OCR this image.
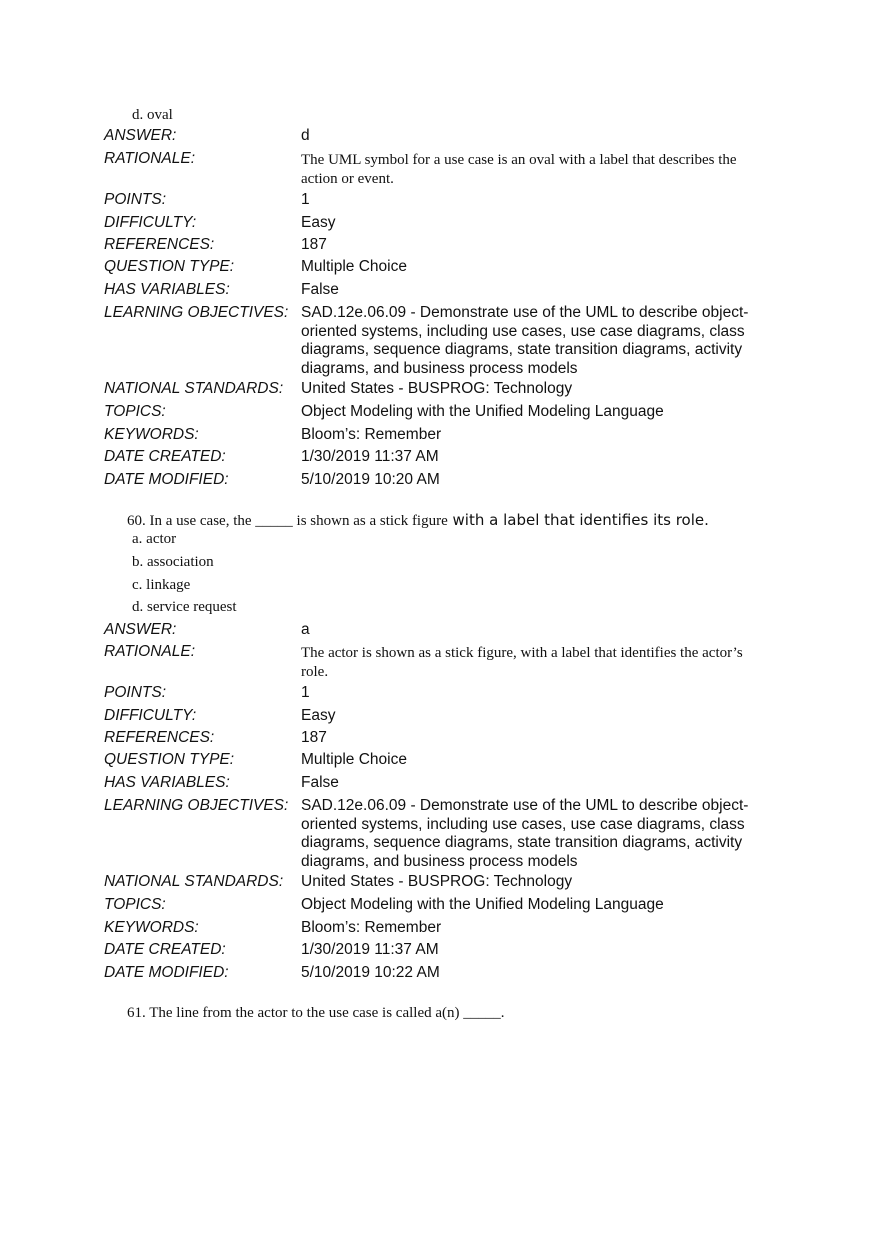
d. oval
ANSWER:	d
RATIONALE:	The UML symbol for a use case is an oval with a label that describes the action or event.
POINTS:	1
DIFFICULTY:	Easy
REFERENCES:	187
QUESTION TYPE:	Multiple Choice
HAS VARIABLES:	False
LEARNING OBJECTIVES: SAD.12e.06.09 - Demonstrate use of the UML to describe object-oriented systems, including use cases, use case diagrams, class diagrams, sequence diagrams, state transition diagrams, activity diagrams, and business process models
NATIONAL STANDARDS: United States - BUSPROG: Technology
TOPICS:	Object Modeling with the Unified Modeling Language
KEYWORDS:	Bloom’s: Remember
DATE CREATED:	1/30/2019 11:37 AM
DATE MODIFIED:	5/10/2019 10:20 AM
60. In a use case, the _____ is shown as a stick figure with a label that identifies its role.
a. actor
b. association
c. linkage
d. service request
ANSWER:	a
RATIONALE:	The actor is shown as a stick figure, with a label that identifies the actor’s role.
POINTS:	1
DIFFICULTY:	Easy
REFERENCES:	187
QUESTION TYPE:	Multiple Choice
HAS VARIABLES:	False
LEARNING OBJECTIVES: SAD.12e.06.09 - Demonstrate use of the UML to describe object-oriented systems, including use cases, use case diagrams, class diagrams, sequence diagrams, state transition diagrams, activity diagrams, and business process models
NATIONAL STANDARDS: United States - BUSPROG: Technology
TOPICS:	Object Modeling with the Unified Modeling Language
KEYWORDS:	Bloom’s: Remember
DATE CREATED:	1/30/2019 11:37 AM
DATE MODIFIED:	5/10/2019 10:22 AM
61. The line from the actor to the use case is called a(n) _____.
